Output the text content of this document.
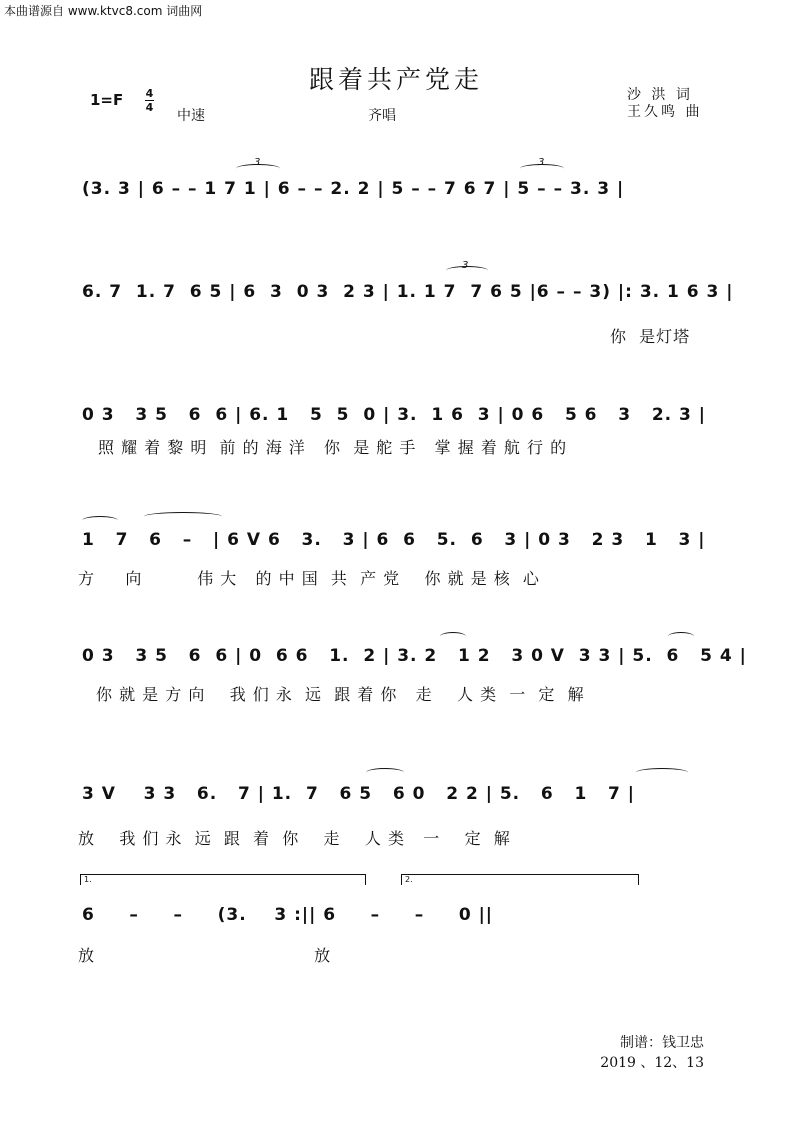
本曲谱源自 www.ktvc8.com 词曲网
跟着共产党走
1=F 4
4
中速	齐唱
沙 洪 词
王久鸣 曲
(3. 3 | 6 – – 1 7 1 | 6 – – 2. 2 | 5 – – 7 6 7 | 5 – – 3. 3 |
3	3
6. 7  1. 7  6 5 | 6  3  0 3  2 3 | 1. 1 7  7 6 5 |6 – – 3) |: 3. 1 6 3 |
你  是灯塔
3
0 3   3 5   6  6 | 6. 1   5  5  0 | 3.  1 6  3 | 0 6   5 6   3   2. 3 |
照 耀 着 黎 明  前 的 海 洋   你  是 舵 手   掌 握 着 航 行 的
1   7   6   –   | 6 V 6   3.   3 | 6  6   5.  6   3 | 0 3   2 3   1   3 |
方     向         伟 大   的 中 国  共  产 党    你 就 是 核  心
0 3   3 5   6  6 | 0  6 6   1.  2 | 3. 2   1 2   3 0 V  3 3 | 5.  6   5 4 |
你 就 是 方 向    我 们 永  远  跟 着 你   走    人 类  一  定  解
3 V    3 3   6.   7 | 1.  7   6 5   6 0   2 2 | 5.   6   1   7 |
放    我 们 永  远  跟  着  你    走    人 类   一    定  解
1.	2.
6     –     –     (3.    3 :|| 6     –     –     0 ||
放                                    放
制谱：钱卫忠
2019 、12、13
